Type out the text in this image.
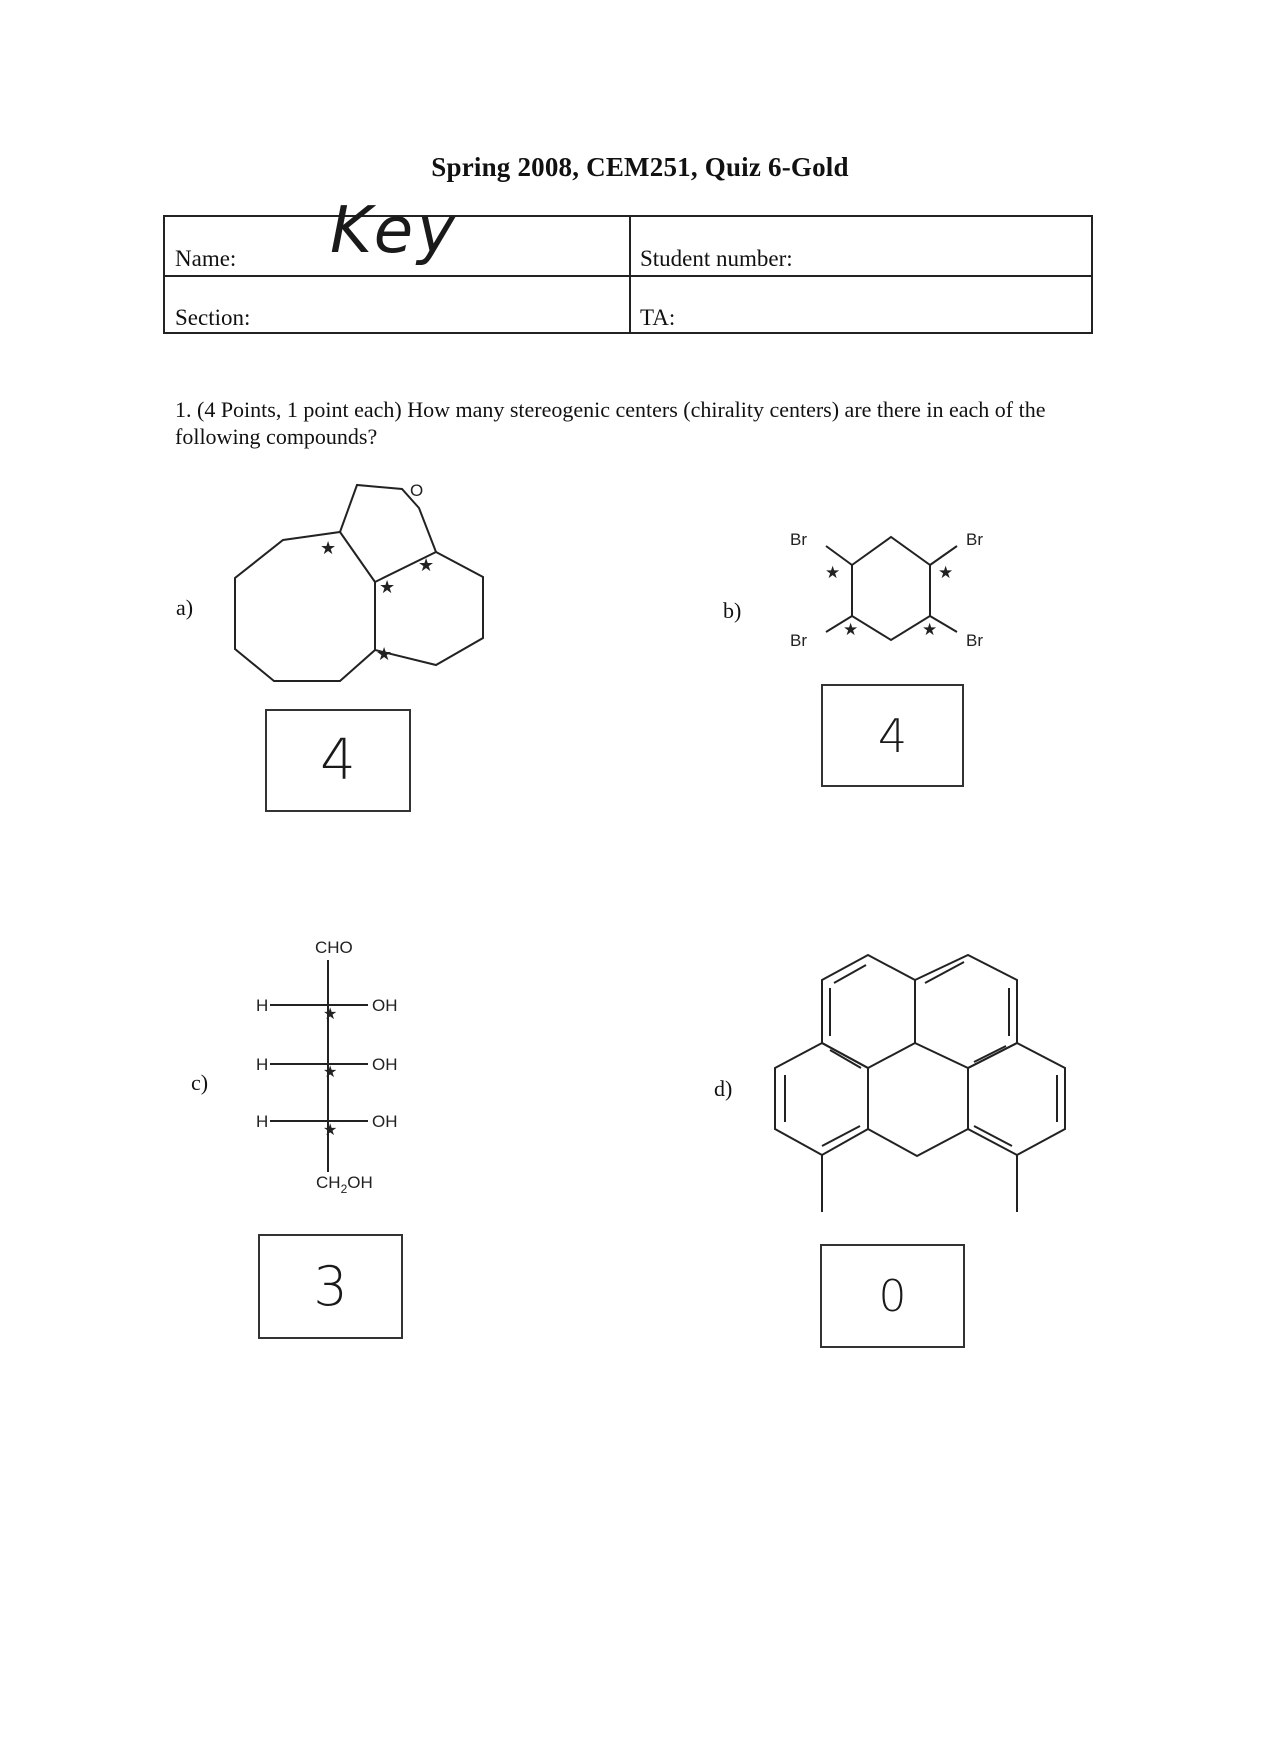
Spring 2008, CEM251, Quiz 6-Gold
Name:	Student number:
Section:	TA:
Key
1. (4 Points, 1 point each) How many stereogenic centers (chirality centers) are there in each of the following compounds?
a)	b)
c)	d)
O
★
★
★
★
Br	Br
Br	Br
★	★
★	★
CHO
H
H
H
OH
OH
OH
$CH_2OH$
★
★
★
4	4
3	0
